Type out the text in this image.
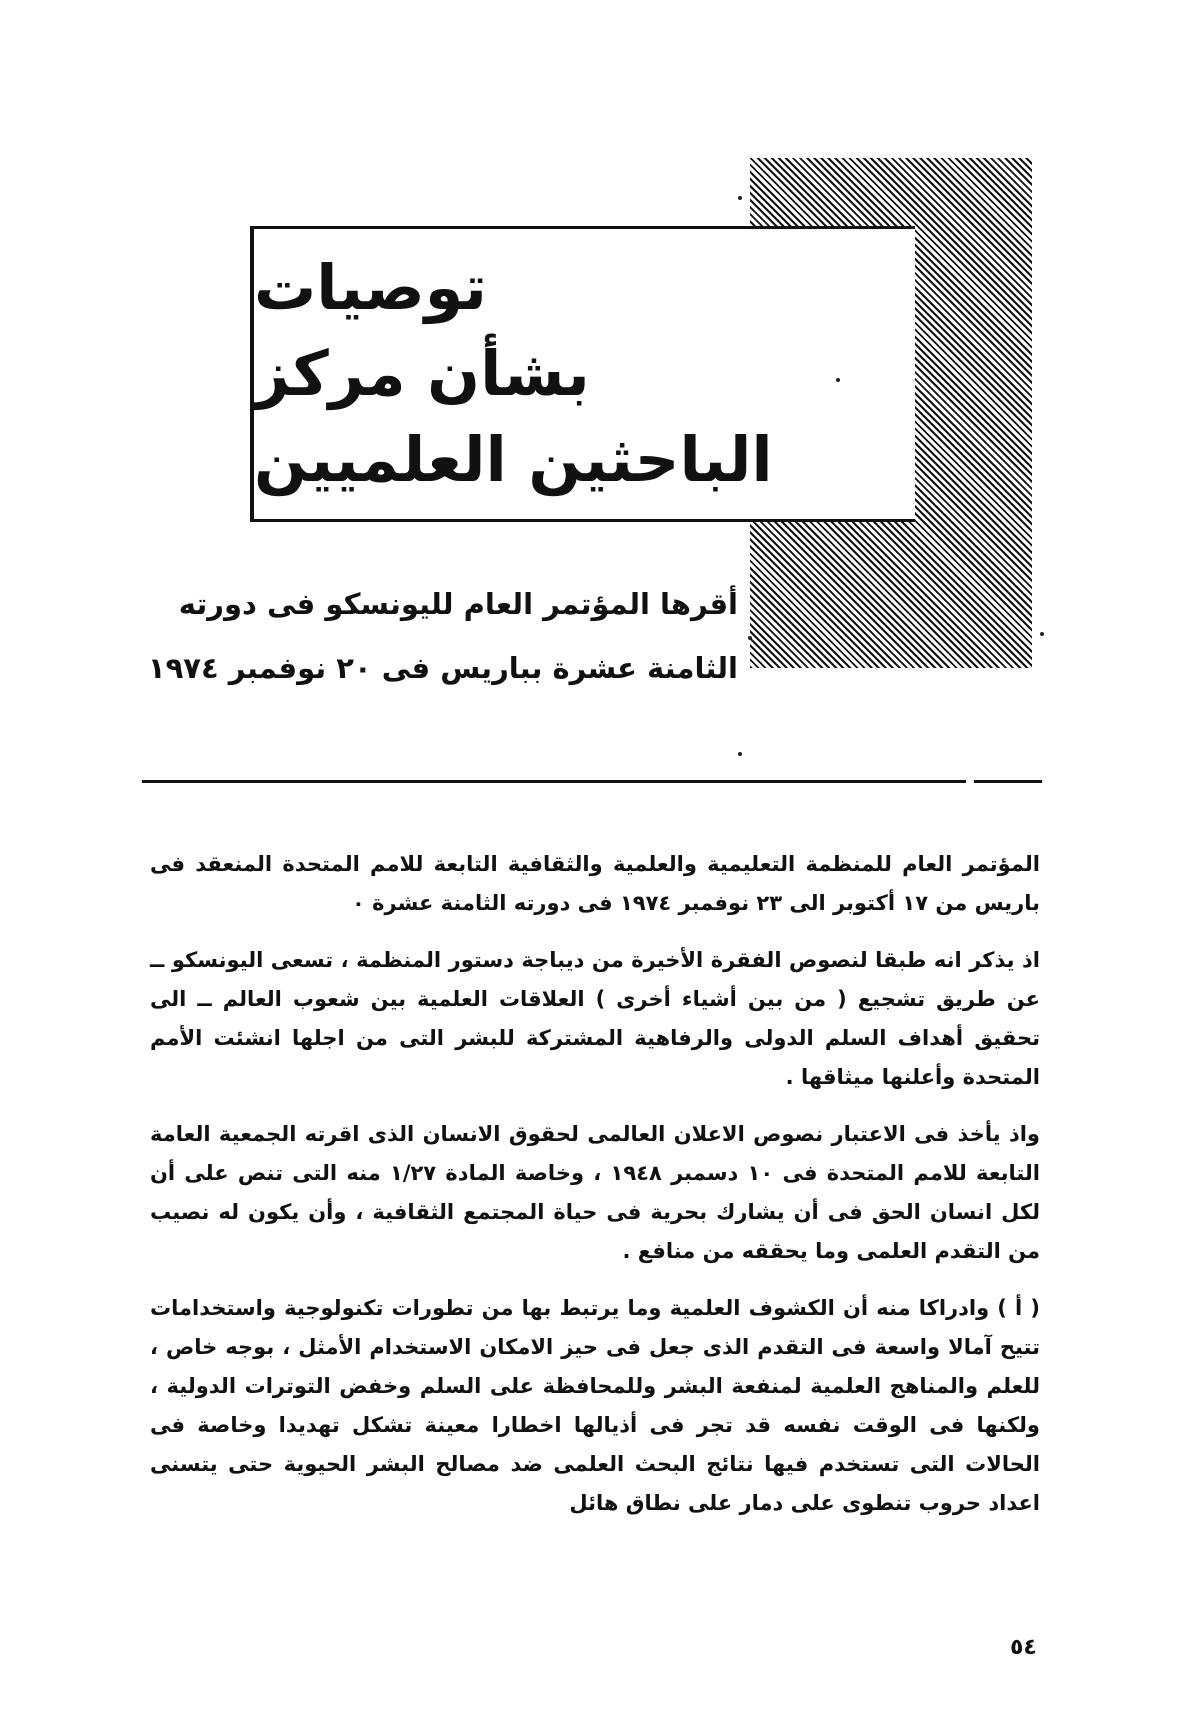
توصيات
بشأن مركز
الباحثين العلميين
أقرها المؤتمر العام لليونسكو فى دورته
الثامنة عشرة بباريس فى ٢٠ نوفمبر ١٩٧٤

المؤتمر العام للمنظمة التعليمية والعلمية والثقافية التابعة للامم المتحدة المنعقد فى باريس من ١٧ أكتوبر الى ٢٣ نوفمبر ١٩٧٤ فى دورته الثامنة عشرة ٠

اذ يذكر انه طبقا لنصوص الفقرة الأخيرة من ديباجة دستور المنظمة ، تسعى اليونسكو ــ عن طريق تشجيع ( من بين أشياء أخرى ) العلاقات العلمية بين شعوب العالم ــ الى تحقيق أهداف السلم الدولى والرفاهية المشتركة للبشر التى من اجلها انشئت الأمم المتحدة وأعلنها ميثاقها .

واذ يأخذ فى الاعتبار نصوص الاعلان العالمى لحقوق الانسان الذى اقرته الجمعية العامة التابعة للامم المتحدة فى ١٠ دسمبر ١٩٤٨ ، وخاصة المادة ١/٢٧ منه التى تنص على أن لكل انسان الحق فى أن يشارك بحرية فى حياة المجتمع الثقافية ، وأن يكون له نصيب من التقدم العلمى وما يحققه من منافع .

( أ ) وادراكا منه أن الكشوف العلمية وما يرتبط بها من تطورات تكنولوجية واستخدامات تتيح آمالا واسعة فى التقدم الذى جعل فى حيز الامكان الاستخدام الأمثل ، بوجه خاص ، للعلم والمناهج العلمية لمنفعة البشر وللمحافظة على السلم وخفض التوترات الدولية ، ولكنها فى الوقت نفسه قد تجر فى أذيالها اخطارا معينة تشكل تهديدا وخاصة فى الحالات التى تستخدم فيها نتائج البحث العلمى ضد مصالح البشر الحيوية حتى يتسنى اعداد حروب تنطوى على دمار على نطاق هائل

٥٤
